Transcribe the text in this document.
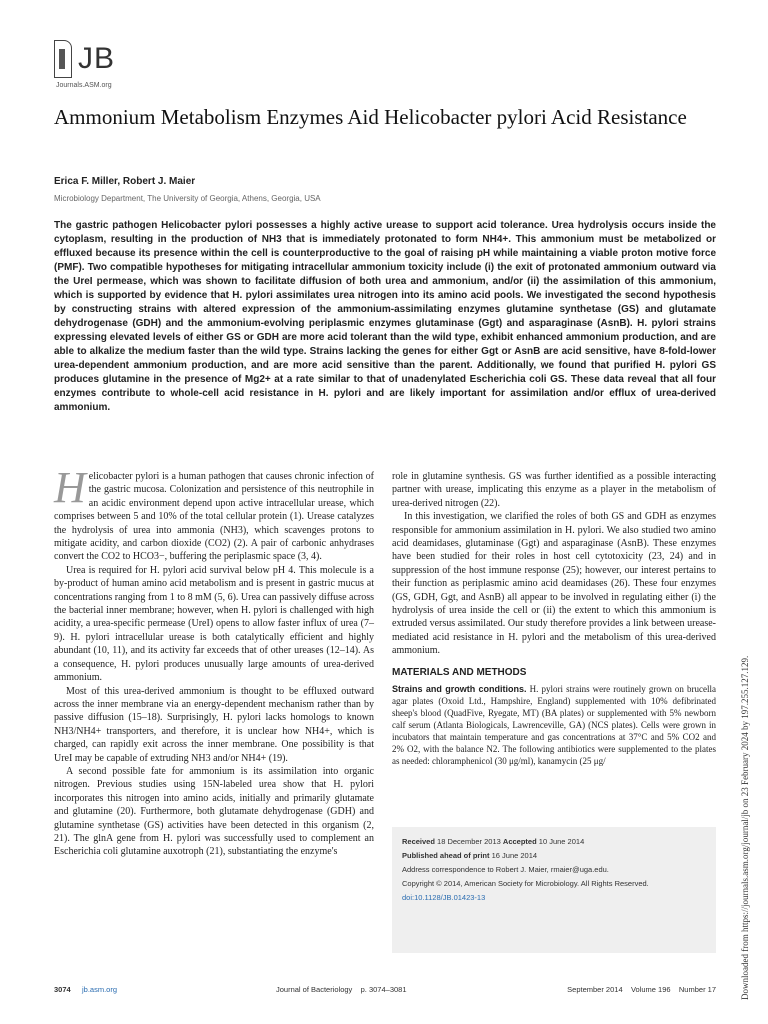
JB
Journals.ASM.org
Ammonium Metabolism Enzymes Aid Helicobacter pylori Acid Resistance
Erica F. Miller, Robert J. Maier
Microbiology Department, The University of Georgia, Athens, Georgia, USA

The gastric pathogen Helicobacter pylori possesses a highly active urease to support acid tolerance. Urea hydrolysis occurs inside the cytoplasm, resulting in the production of NH3 that is immediately protonated to form NH4+. This ammonium must be metabolized or effluxed because its presence within the cell is counterproductive to the goal of raising pH while maintaining a viable proton motive force (PMF). Two compatible hypotheses for mitigating intracellular ammonium toxicity include (i) the exit of protonated ammonium outward via the UreI permease, which was shown to facilitate diffusion of both urea and ammonium, and/or (ii) the assimilation of this ammonium, which is supported by evidence that H. pylori assimilates urea nitrogen into its amino acid pools. We investigated the second hypothesis by constructing strains with altered expression of the ammonium-assimilating enzymes glutamine synthetase (GS) and glutamate dehydrogenase (GDH) and the ammonium-evolving periplasmic enzymes glutaminase (Ggt) and asparaginase (AsnB). H. pylori strains expressing elevated levels of either GS or GDH are more acid tolerant than the wild type, exhibit enhanced ammonium production, and are able to alkalize the medium faster than the wild type. Strains lacking the genes for either Ggt or AsnB are acid sensitive, have 8-fold-lower urea-dependent ammonium production, and are more acid sensitive than the parent. Additionally, we found that purified H. pylori GS produces glutamine in the presence of Mg2+ at a rate similar to that of unadenylated Escherichia coli GS. These data reveal that all four enzymes contribute to whole-cell acid resistance in H. pylori and are likely important for assimilation and/or efflux of urea-derived ammonium.

Helicobacter pylori is a human pathogen that causes chronic infection of the gastric mucosa. Colonization and persistence of this neutrophile in an acidic environment depend upon active intracellular urease, which comprises between 5 and 10% of the total cellular protein (1). Urease catalyzes the hydrolysis of urea into ammonia (NH3), which scavenges protons to mitigate acidity, and carbon dioxide (CO2) (2). A pair of carbonic anhydrases convert the CO2 to HCO3−, buffering the periplasmic space (3, 4).

Urea is required for H. pylori acid survival below pH 4. This molecule is a by-product of human amino acid metabolism and is present in gastric mucus at concentrations ranging from 1 to 8 mM (5, 6). Urea can passively diffuse across the bacterial inner membrane; however, when H. pylori is challenged with high acidity, a urea-specific permease (UreI) opens to allow faster influx of urea (7–9). H. pylori intracellular urease is both catalytically efficient and highly abundant (10, 11), and its activity far exceeds that of other ureases (12–14). As a consequence, H. pylori produces unusually large amounts of urea-derived ammonium.

Most of this urea-derived ammonium is thought to be effluxed outward across the inner membrane via an energy-dependent mechanism rather than by passive diffusion (15–18). Surprisingly, H. pylori lacks homologs to known NH3/NH4+ transporters, and therefore, it is unclear how NH4+, which is charged, can rapidly exit across the inner membrane. One possibility is that UreI may be capable of extruding NH3 and/or NH4+ (19).

A second possible fate for ammonium is its assimilation into organic nitrogen. Previous studies using 15N-labeled urea show that H. pylori incorporates this nitrogen into amino acids, initially and primarily glutamate and glutamine (20). Furthermore, both glutamate dehydrogenase (GDH) and glutamine synthetase (GS) activities have been detected in this organism (2, 21). The glnA gene from H. pylori was successfully used to complement an Escherichia coli glutamine auxotroph (21), substantiating the enzyme's

role in glutamine synthesis. GS was further identified as a possible interacting partner with urease, implicating this enzyme as a player in the metabolism of urea-derived nitrogen (22).

In this investigation, we clarified the roles of both GS and GDH as enzymes responsible for ammonium assimilation in H. pylori. We also studied two amino acid deamidases, glutaminase (Ggt) and asparaginase (AsnB). These enzymes have been studied for their roles in host cell cytotoxicity (23, 24) and in suppression of the host immune response (25); however, our interest pertains to their function as periplasmic amino acid deamidases (26). These four enzymes (GS, GDH, Ggt, and AsnB) all appear to be involved in regulating either (i) the hydrolysis of urea inside the cell or (ii) the extent to which this ammonium is extruded versus assimilated. Our study therefore provides a link between urease-mediated acid resistance in H. pylori and the metabolism of this urea-derived ammonium.

MATERIALS AND METHODS

Strains and growth conditions. H. pylori strains were routinely grown on brucella agar plates (Oxoid Ltd., Hampshire, England) supplemented with 10% defibrinated sheep's blood (QuadFive, Ryegate, MT) (BA plates) or supplemented with 5% newborn calf serum (Atlanta Biologicals, Lawrenceville, GA) (NCS plates). Cells were grown in incubators that maintain temperature and gas concentrations at 37°C and 5% CO2 and 2% O2, with the balance N2. The following antibiotics were supplemented to the plates as needed: chloramphenicol (30 μg/ml), kanamycin (25 μg/

Received 18 December 2013 Accepted 10 June 2014
Published ahead of print 16 June 2014
Address correspondence to Robert J. Maier, rmaier@uga.edu.
Copyright © 2014, American Society for Microbiology. All Rights Reserved.
doi:10.1128/JB.01423-13	Downloaded from https://journals.asm.org/journal/jb on 23 February 2024 by 197.255.127.129.
3074 jb.asm.org	Journal of Bacteriology    p. 3074–3081	September 2014    Volume 196    Number 17
